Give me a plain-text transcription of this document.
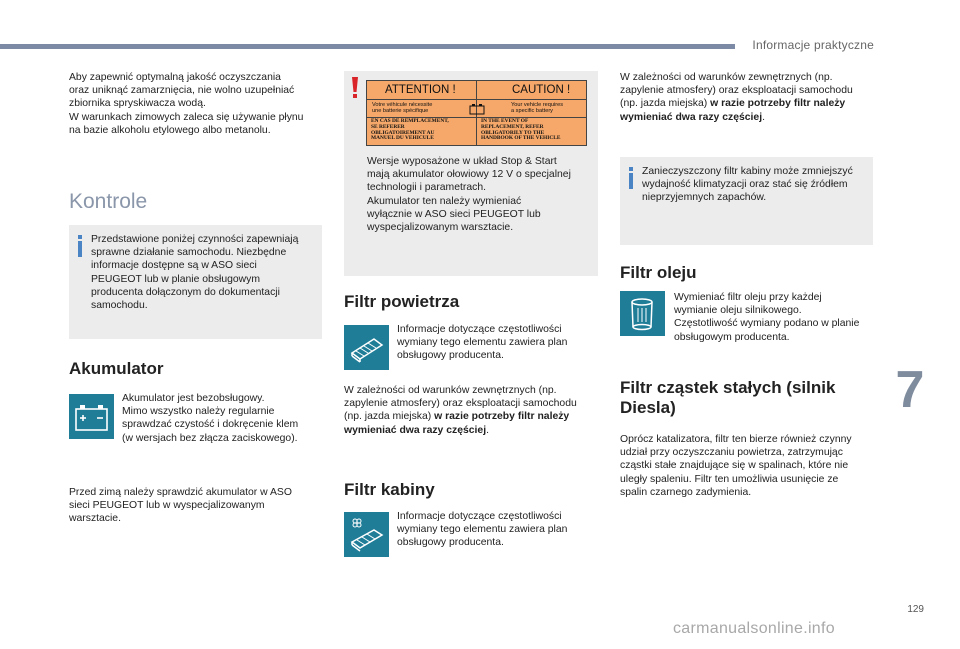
Informacje praktyczne

Aby zapewnić optymalną jakość oczyszczania

oraz uniknąć zamarznięcia, nie wolno uzupełniać

zbiornika spryskiwacza wodą.

W warunkach zimowych zaleca się używanie płynu

na bazie alkoholu etylowego albo metanolu.

Kontrole

Przedstawione poniżej czynności zapewniają

sprawne działanie samochodu. Niezbędne

informacje dostępne są w ASO sieci

PEUGEOT lub w planie obsługowym

producenta dołączonym do dokumentacji

samochodu.

Akumulator

Akumulator jest bezobsługowy.

Mimo wszystko należy regularnie

sprawdzać czystość i dokręcenie klem

(w wersjach bez złącza zaciskowego).

Przed zimą należy sprawdzić akumulator w ASO

sieci PEUGEOT lub w wyspecjalizowanym

warsztacie.

ATTENTION !	CAUTION !
Votre véhicule nécessite
une batterie spécifique
Your vehicle requires
a specific battery
EN CAS DE REMPLACEMENT,
SE REFERER
OBLIGATOIREMENT AU
MANUEL DU VEHICULE
IN THE EVENT OF
REPLACEMENT, REFER
OBLIGATORILY TO THE
HANDBOOK OF THE VEHICLE

Wersje wyposażone w układ Stop & Start

mają akumulator ołowiowy 12 V o specjalnej

technologii i parametrach.

Akumulator ten należy wymieniać

wyłącznie w ASO sieci PEUGEOT lub

wyspecjalizowanym warsztacie.

Filtr powietrza

Informacje dotyczące częstotliwości

wymiany tego elementu zawiera plan

obsługowy producenta.

W zależności od warunków zewnętrznych (np.

zapylenie atmosfery) oraz eksploatacji samochodu

(np. jazda miejska) w razie potrzeby filtr należy

wymieniać dwa razy częściej.

Filtr kabiny

Informacje dotyczące częstotliwości

wymiany tego elementu zawiera plan

obsługowy producenta.

W zależności od warunków zewnętrznych (np.

zapylenie atmosfery) oraz eksploatacji samochodu

(np. jazda miejska) w razie potrzeby filtr należy

wymieniać dwa razy częściej.

Zanieczyszczony filtr kabiny może zmniejszyć

wydajność klimatyzacji oraz stać się źródłem

nieprzyjemnych zapachów.

Filtr oleju

Wymieniać filtr oleju przy każdej

wymianie oleju silnikowego.

Częstotliwość wymiany podano w planie

obsługowym producenta.

Filtr cząstek stałych (silnik
Diesla)

Oprócz katalizatora, filtr ten bierze również czynny

udział przy oczyszczaniu powietrza, zatrzymując

cząstki stałe znajdujące się w spalinach, które nie

uległy spaleniu. Filtr ten umożliwia usunięcie ze

spalin czarnego zadymienia.

7
129
carmanualsonline.info
